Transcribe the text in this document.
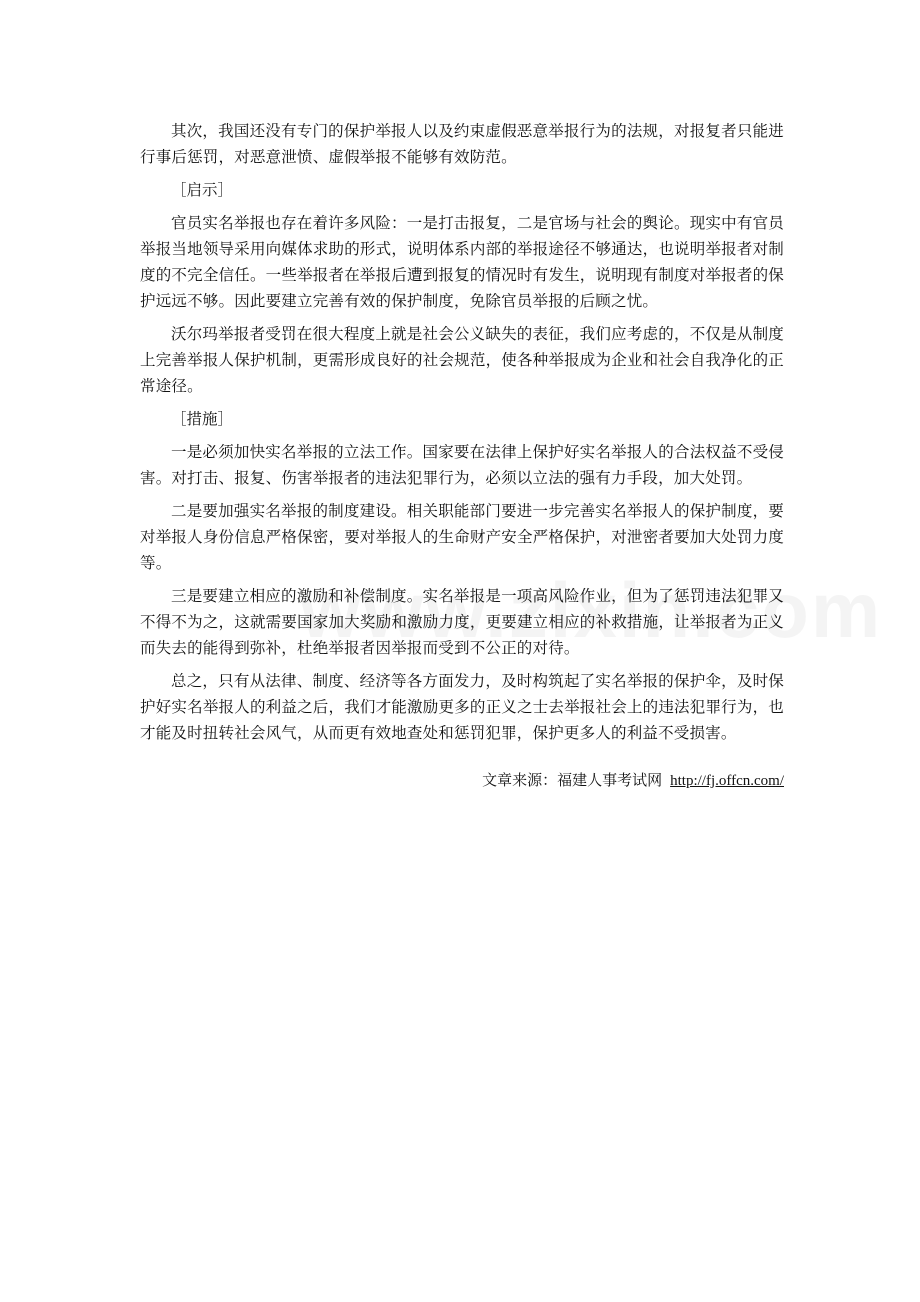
其次，我国还没有专门的保护举报人以及约束虚假恶意举报行为的法规，对报复者只能进行事后惩罚，对恶意泄愤、虚假举报不能够有效防范。

［启示］

官员实名举报也存在着许多风险：一是打击报复，二是官场与社会的舆论。现实中有官员举报当地领导采用向媒体求助的形式，说明体系内部的举报途径不够通达，也说明举报者对制度的不完全信任。一些举报者在举报后遭到报复的情况时有发生，说明现有制度对举报者的保护远远不够。因此要建立完善有效的保护制度，免除官员举报的后顾之忧。

沃尔玛举报者受罚在很大程度上就是社会公义缺失的表征，我们应考虑的，不仅是从制度上完善举报人保护机制，更需形成良好的社会规范，使各种举报成为企业和社会自我净化的正常途径。

［措施］

一是必须加快实名举报的立法工作。国家要在法律上保护好实名举报人的合法权益不受侵害。对打击、报复、伤害举报者的违法犯罪行为，必须以立法的强有力手段，加大处罚。

二是要加强实名举报的制度建设。相关职能部门要进一步完善实名举报人的保护制度，要对举报人身份信息严格保密，要对举报人的生命财产安全严格保护，对泄密者要加大处罚力度等。

三是要建立相应的激励和补偿制度。实名举报是一项高风险作业，但为了惩罚违法犯罪又不得不为之，这就需要国家加大奖励和激励力度，更要建立相应的补救措施，让举报者为正义而失去的能得到弥补，杜绝举报者因举报而受到不公正的对待。

总之，只有从法律、制度、经济等各方面发力，及时构筑起了实名举报的保护伞，及时保护好实名举报人的利益之后，我们才能激励更多的正义之士去举报社会上的违法犯罪行为，也才能及时扭转社会风气，从而更有效地查处和惩罚犯罪，保护更多人的利益不受损害。

文章来源：福建人事考试网 http://fj.offcn.com/
